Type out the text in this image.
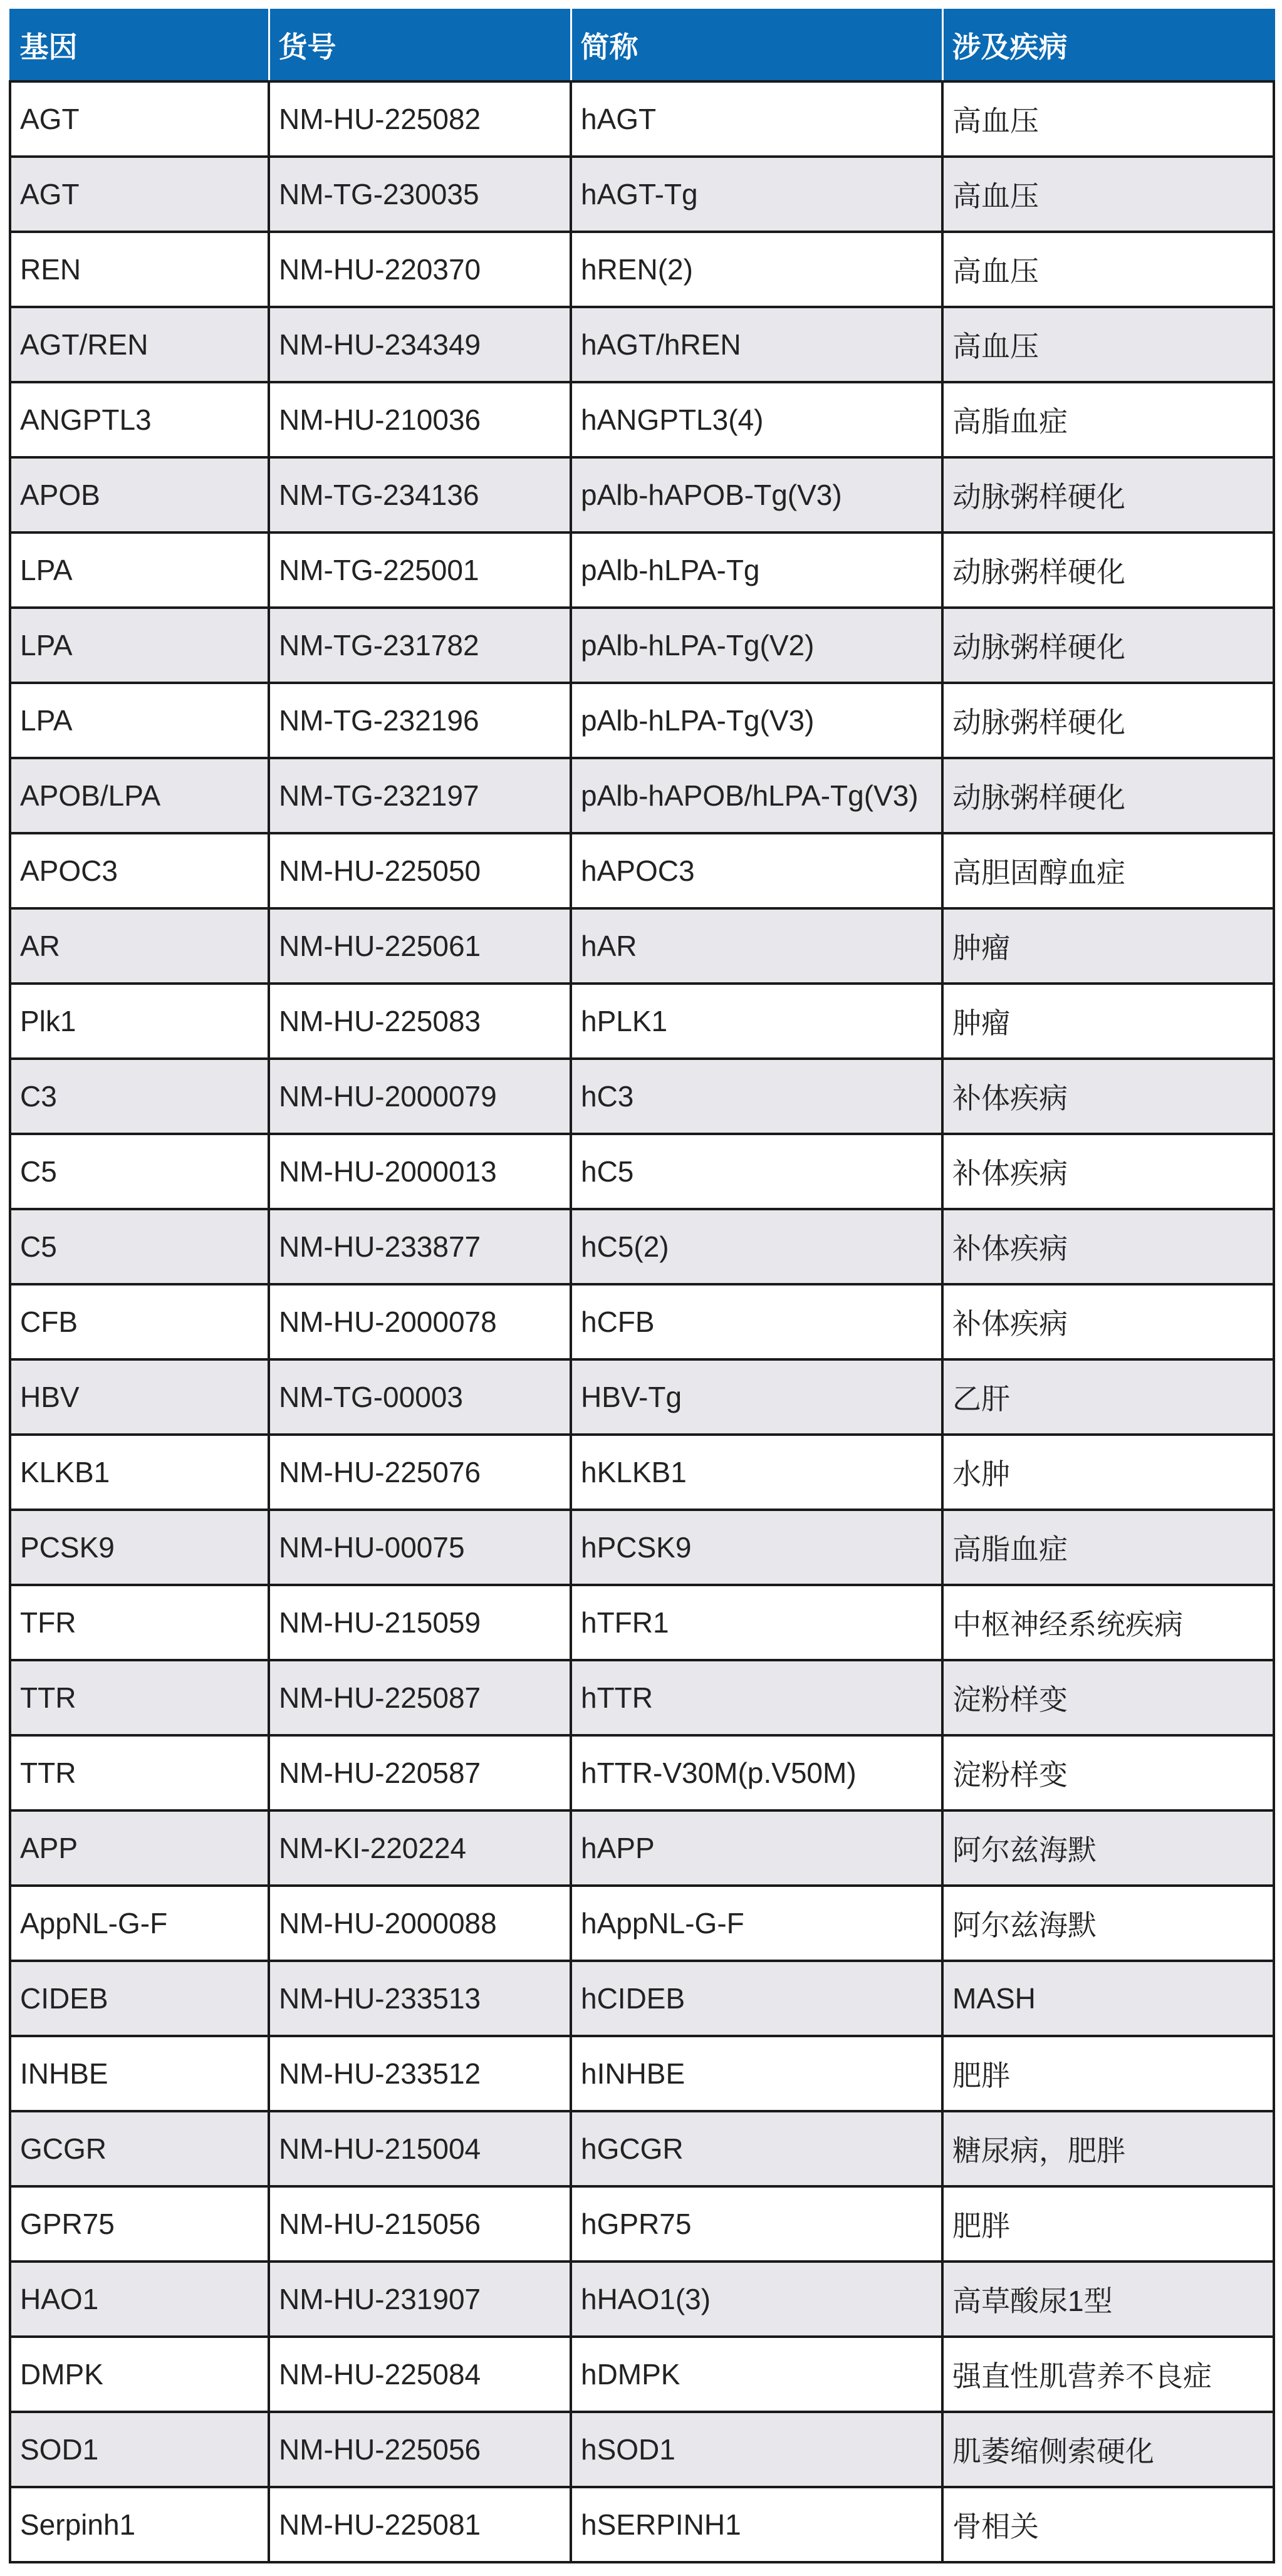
基因	货号	简称	涉及疾病
AGT	NM-HU-225082	hAGT	高血压
AGT	NM-TG-230035	hAGT-Tg	高血压
REN	NM-HU-220370	hREN(2)	高血压
AGT/REN	NM-HU-234349	hAGT/hREN	高血压
ANGPTL3	NM-HU-210036	hANGPTL3(4)	高脂血症
APOB	NM-TG-234136	pAlb-hAPOB-Tg(V3)	动脉粥样硬化
LPA	NM-TG-225001	pAlb-hLPA-Tg	动脉粥样硬化
LPA	NM-TG-231782	pAlb-hLPA-Tg(V2)	动脉粥样硬化
LPA	NM-TG-232196	pAlb-hLPA-Tg(V3)	动脉粥样硬化
APOB/LPA	NM-TG-232197	pAlb-hAPOB/hLPA-Tg(V3)	动脉粥样硬化
APOC3	NM-HU-225050	hAPOC3	高胆固醇血症
AR	NM-HU-225061	hAR	肿瘤
Plk1	NM-HU-225083	hPLK1	肿瘤
C3	NM-HU-2000079	hC3	补体疾病
C5	NM-HU-2000013	hC5	补体疾病
C5	NM-HU-233877	hC5(2)	补体疾病
CFB	NM-HU-2000078	hCFB	补体疾病
HBV	NM-TG-00003	HBV-Tg	乙肝
KLKB1	NM-HU-225076	hKLKB1	水肿
PCSK9	NM-HU-00075	hPCSK9	高脂血症
TFR	NM-HU-215059	hTFR1	中枢神经系统疾病
TTR	NM-HU-225087	hTTR	淀粉样变
TTR	NM-HU-220587	hTTR-V30M(p.V50M)	淀粉样变
APP	NM-KI-220224	hAPP	阿尔兹海默
AppNL-G-F	NM-HU-2000088	hAppNL-G-F	阿尔兹海默
CIDEB	NM-HU-233513	hCIDEB	MASH
INHBE	NM-HU-233512	hINHBE	肥胖
GCGR	NM-HU-215004	hGCGR	糖尿病，肥胖
GPR75	NM-HU-215056	hGPR75	肥胖
HAO1	NM-HU-231907	hHAO1(3)	高草酸尿1型
DMPK	NM-HU-225084	hDMPK	强直性肌营养不良症
SOD1	NM-HU-225056	hSOD1	肌萎缩侧索硬化
Serpinh1	NM-HU-225081	hSERPINH1	骨相关
